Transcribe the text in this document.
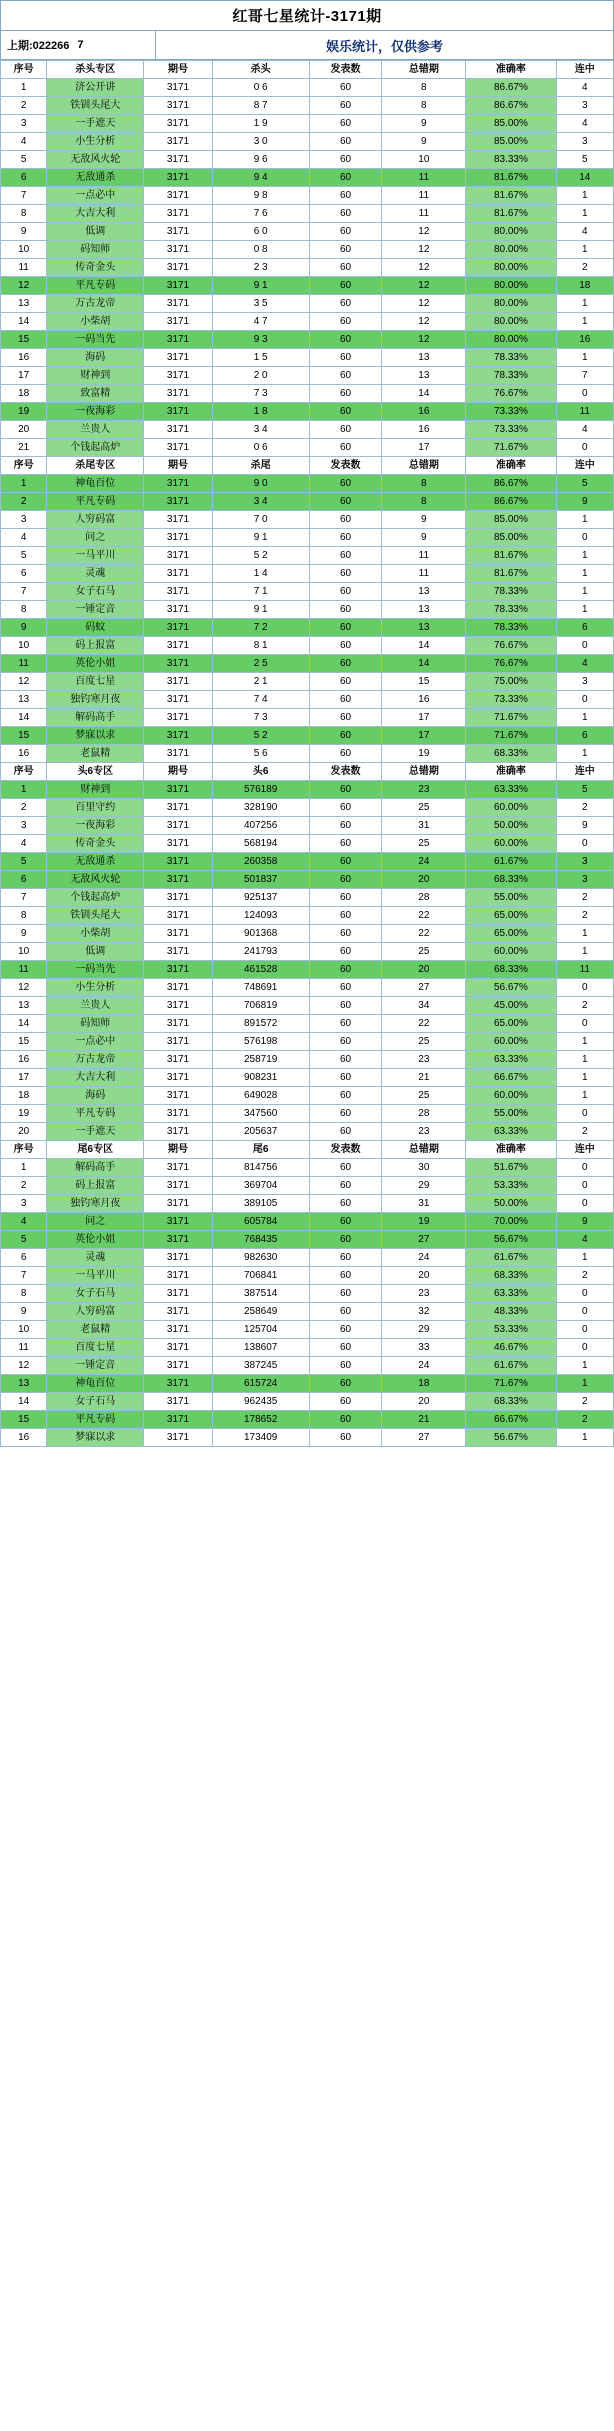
红哥七星统计-3171期
上期:022266 7	娱乐统计，仅供参考
序号	杀头专区	期号	杀头	发表数	总错期	准确率	连中
1	济公开讲	3171	0 6	60	8	86.67%	4
2	铁钏头尾大	3171	8 7	60	8	86.67%	3
3	一手遮天	3171	1 9	60	9	85.00%	4
4	小生分析	3171	3 0	60	9	85.00%	3
5	无敌风火轮	3171	9 6	60	10	83.33%	5
6	无敌通杀	3171	9 4	60	11	81.67%	14
7	一点必中	3171	9 8	60	11	81.67%	1
8	大吉大利	3171	7 6	60	11	81.67%	1
9	低调	3171	6 0	60	12	80.00%	4
10	码知师	3171	0 8	60	12	80.00%	1
11	传奇金头	3171	2 3	60	12	80.00%	2
12	平凡专码	3171	9 1	60	12	80.00%	18
13	万古龙帝	3171	3 5	60	12	80.00%	1
14	小柴胡	3171	4 7	60	12	80.00%	1
15	一码当先	3171	9 3	60	12	80.00%	16
16	海码	3171	1 5	60	13	78.33%	1
17	财神到	3171	2 0	60	13	78.33%	7
18	致富精	3171	7 3	60	14	76.67%	0
19	一夜海彩	3171	1 8	60	16	73.33%	11
20	兰贵人	3171	3 4	60	16	73.33%	4
21	个钱起高炉	3171	0 6	60	17	71.67%	0
序号	杀尾专区	期号	杀尾	发表数	总错期	准确率	连中
1	神龟百位	3171	9 0	60	8	86.67%	5
2	平凡专码	3171	3 4	60	8	86.67%	9
3	人穷码富	3171	7 0	60	9	85.00%	1
4	问之	3171	9 1	60	9	85.00%	0
5	一马平川	3171	5 2	60	11	81.67%	1
6	灵魂	3171	1 4	60	11	81.67%	1
7	女子石马	3171	7 1	60	13	78.33%	1
8	一锤定音	3171	9 1	60	13	78.33%	1
9	码蚊	3171	7 2	60	13	78.33%	6
10	码上报富	3171	8 1	60	14	76.67%	0
11	英伦小姐	3171	2 5	60	14	76.67%	4
12	百度七星	3171	2 1	60	15	75.00%	3
13	独钓寒月夜	3171	7 4	60	16	73.33%	0
14	解码高手	3171	7 3	60	17	71.67%	1
15	梦寐以求	3171	5 2	60	17	71.67%	6
16	老鼠精	3171	5 6	60	19	68.33%	1
序号	头6专区	期号	头6	发表数	总错期	准确率	连中
1	财神到	3171	576189	60	23	63.33%	5
2	百里守约	3171	328190	60	25	60.00%	2
3	一夜海彩	3171	407256	60	31	50.00%	9
4	传奇金头	3171	568194	60	25	60.00%	0
5	无敌通杀	3171	260358	60	24	61.67%	3
6	无敌风火轮	3171	501837	60	20	68.33%	3
7	个钱起高炉	3171	925137	60	28	55.00%	2
8	铁钏头尾大	3171	124093	60	22	65.00%	2
9	小柴胡	3171	901368	60	22	65.00%	1
10	低调	3171	241793	60	25	60.00%	1
11	一码当先	3171	461528	60	20	68.33%	11
12	小生分析	3171	748691	60	27	56.67%	0
13	兰贵人	3171	706819	60	34	45.00%	2
14	码知师	3171	891572	60	22	65.00%	0
15	一点必中	3171	576198	60	25	60.00%	1
16	万古龙帝	3171	258719	60	23	63.33%	1
17	大吉大利	3171	908231	60	21	66.67%	1
18	海码	3171	649028	60	25	60.00%	1
19	平凡专码	3171	347560	60	28	55.00%	0
20	一手遮天	3171	205637	60	23	63.33%	2
序号	尾6专区	期号	尾6	发表数	总错期	准确率	连中
1	解码高手	3171	814756	60	30	51.67%	0
2	码上报富	3171	369704	60	29	53.33%	0
3	独钓寒月夜	3171	389105	60	31	50.00%	0
4	问之	3171	605784	60	19	70.00%	9
5	英伦小姐	3171	768435	60	27	56.67%	4
6	灵魂	3171	982630	60	24	61.67%	1
7	一马平川	3171	706841	60	20	68.33%	2
8	女子石马	3171	387514	60	23	63.33%	0
9	人穷码富	3171	258649	60	32	48.33%	0
10	老鼠精	3171	125704	60	29	53.33%	0
11	百度七星	3171	138607	60	33	46.67%	0
12	一锤定音	3171	387245	60	24	61.67%	1
13	神龟百位	3171	615724	60	18	71.67%	1
14	女子石马	3171	962435	60	20	68.33%	2
15	平凡专码	3171	178652	60	21	66.67%	2
16	梦寐以求	3171	173409	60	27	56.67%	1
